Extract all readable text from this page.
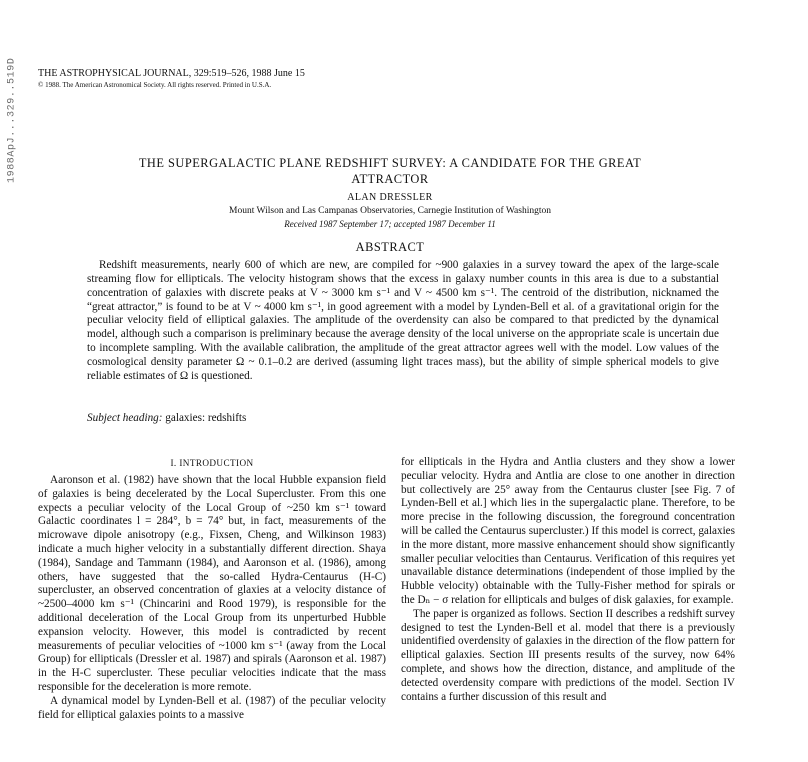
1988ApJ...329..519D	THE ASTROPHYSICAL JOURNAL, 329:519–526, 1988 June 15
© 1988. The American Astronomical Society. All rights reserved. Printed in U.S.A.
THE SUPERGALACTIC PLANE REDSHIFT SURVEY: A CANDIDATE FOR THE GREAT ATTRACTOR
ALAN DRESSLER
Mount Wilson and Las Campanas Observatories, Carnegie Institution of Washington
Received 1987 September 17; accepted 1987 December 11
ABSTRACT
Redshift measurements, nearly 600 of which are new, are compiled for ~900 galaxies in a survey toward the apex of the large-scale streaming flow for ellipticals. The velocity histogram shows that the excess in galaxy number counts in this area is due to a substantial concentration of galaxies with discrete peaks at V ~ 3000 km s⁻¹ and V ~ 4500 km s⁻¹. The centroid of the distribution, nicknamed the “great attractor,” is found to be at V ~ 4000 km s⁻¹, in good agreement with a model by Lynden-Bell et al. of a gravitational origin for the peculiar velocity field of elliptical galaxies. The amplitude of the overdensity can also be compared to that predicted by the dynamical model, although such a comparison is preliminary because the average density of the local universe on the appropriate scale is uncertain due to incomplete sampling. With the available calibration, the amplitude of the great attractor agrees well with the model. Low values of the cosmological density parameter Ω ~ 0.1–0.2 are derived (assuming light traces mass), but the ability of simple spherical models to give reliable estimates of Ω is questioned.
Subject heading: galaxies: redshifts
I. INTRODUCTION

Aaronson et al. (1982) have shown that the local Hubble expansion field of galaxies is being decelerated by the Local Supercluster. From this one expects a peculiar velocity of the Local Group of ~250 km s⁻¹ toward Galactic coordinates l = 284°, b = 74° but, in fact, measurements of the microwave dipole anisotropy (e.g., Fixsen, Cheng, and Wilkinson 1983) indicate a much higher velocity in a substantially different direction. Shaya (1984), Sandage and Tammann (1984), and Aaronson et al. (1986), among others, have suggested that the so-called Hydra-Centaurus (H-C) supercluster, an observed concentration of glaxies at a velocity distance of ~2500–4000 km s⁻¹ (Chincarini and Rood 1979), is responsible for the additional deceleration of the Local Group from its unperturbed Hubble expansion velocity. However, this model is contradicted by recent measurements of peculiar velocities of ~1000 km s⁻¹ (away from the Local Group) for ellipticals (Dressler et al. 1987) and spirals (Aaronson et al. 1987) in the H-C supercluster. These peculiar velocities indicate that the mass responsible for the deceleration is more remote.

A dynamical model by Lynden-Bell et al. (1987) of the peculiar velocity field for elliptical galaxies points to a massive

for ellipticals in the Hydra and Antlia clusters and they show a lower peculiar velocity. Hydra and Antlia are close to one another in direction but collectively are 25° away from the Centaurus cluster [see Fig. 7 of Lynden-Bell et al.] which lies in the supergalactic plane. Therefore, to be more precise in the following discussion, the foreground concentration will be called the Centaurus supercluster.) If this model is correct, galaxies in the more distant, more massive enhancement should show significantly smaller peculiar velocities than Centaurus. Verification of this requires yet unavailable distance determinations (independent of those implied by the Hubble velocity) obtainable with the Tully-Fisher method for spirals or the Dₙ − σ relation for ellipticals and bulges of disk galaxies, for example.

The paper is organized as follows. Section II describes a redshift survey designed to test the Lynden-Bell et al. model that there is a previously unidentified overdensity of galaxies in the direction of the flow pattern for elliptical galaxies. Section III presents results of the survey, now 64% complete, and shows how the direction, distance, and amplitude of the detected overdensity compare with predictions of the model. Section IV contains a further discussion of this result and
